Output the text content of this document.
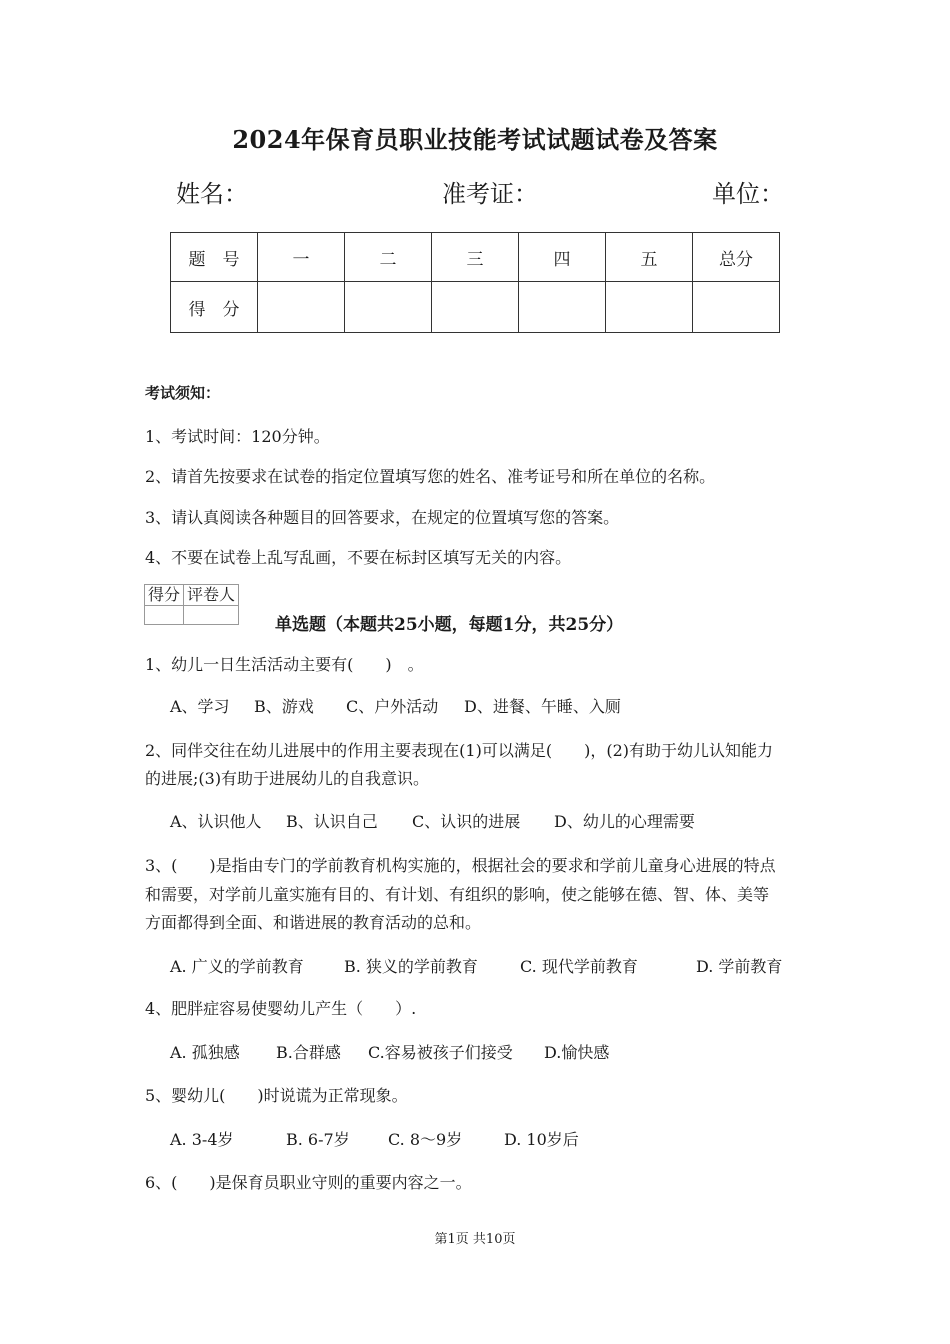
2024年保育员职业技能考试试题试卷及答案
姓名：	准考证：	单位：
题　号	一	二	三	四	五	总分
得　分						
考试须知：
1、考试时间：120分钟。
2、请首先按要求在试卷的指定位置填写您的姓名、准考证号和所在单位的名称。
3、请认真阅读各种题目的回答要求，在规定的位置填写您的答案。
4、不要在试卷上乱写乱画，不要在标封区填写无关的内容。
得分	评卷人

单选题（本题共25小题，每题1分，共25分）
1、幼儿一日生活活动主要有(　　)　。
A、学习 B、游戏 C、户外活动 D、进餐、午睡、入厕
2、同伴交往在幼儿进展中的作用主要表现在(1)可以满足(　　)，(2)有助于幼儿认知能力
的进展;(3)有助于进展幼儿的自我意识。
A、认识他人 B、认识自己 C、认识的进展 D、幼儿的心理需要
3、(　　)是指由专门的学前教育机构实施的，根据社会的要求和学前儿童身心进展的特点
和需要，对学前儿童实施有目的、有计划、有组织的影响，使之能够在德、智、体、美等
方面都得到全面、和谐进展的教育活动的总和。
A. 广义的学前教育	B. 狭义的学前教育	C. 现代学前教育	D. 学前教育
4、肥胖症容易使婴幼儿产生（　　）.
A. 孤独感 B.合群感 C.容易被孩子们接受 D.愉快感
5、婴幼儿(　　)时说谎为正常现象。
A. 3-4岁	B. 6-7岁 C. 8～9岁	D. 10岁后
6、(　　)是保育员职业守则的重要内容之一。
第1页 共10页
